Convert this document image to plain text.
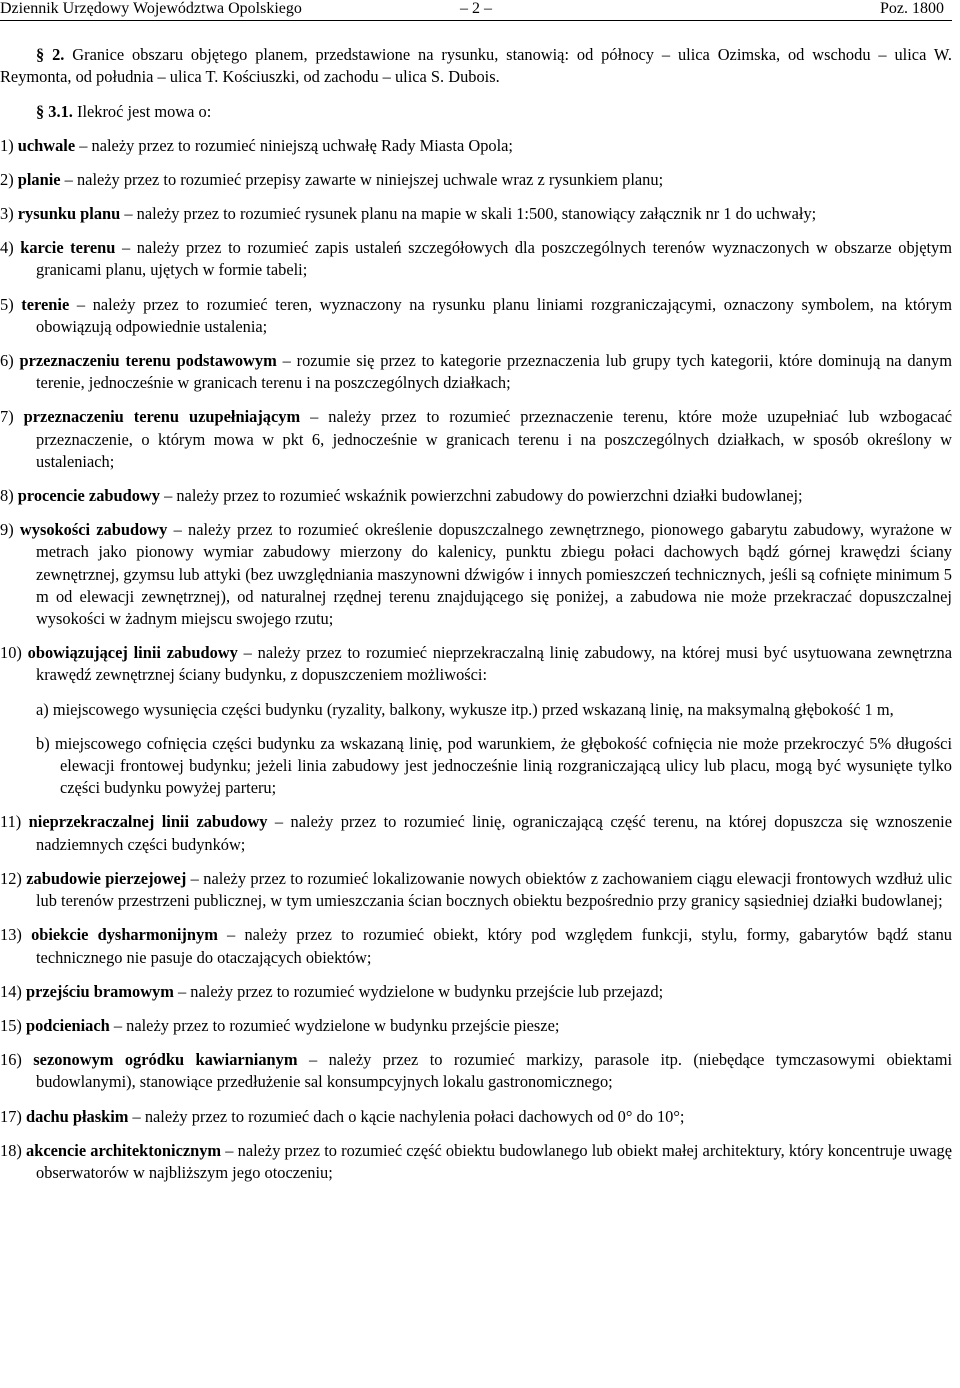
Dziennik Urzędowy Województwa Opolskiego	– 2 –	Poz. 1800

§ 2. Granice obszaru objętego planem, przedstawione na rysunku, stanowią: od północy – ulica Ozimska, od wschodu – ulica W. Reymonta, od południa – ulica T. Kościuszki, od zachodu – ulica S. Dubois.

§ 3.1. Ilekroć jest mowa o:

1) uchwale – należy przez to rozumieć niniejszą uchwałę Rady Miasta Opola;

2) planie – należy przez to rozumieć przepisy zawarte w niniejszej uchwale wraz z rysunkiem planu;

3) rysunku planu – należy przez to rozumieć rysunek planu na mapie w skali 1:500, stanowiący załącznik nr 1 do uchwały;

4) karcie terenu – należy przez to rozumieć zapis ustaleń szczegółowych dla poszczególnych terenów wyznaczonych w obszarze objętym granicami planu, ujętych w formie tabeli;

5) terenie – należy przez to rozumieć teren, wyznaczony na rysunku planu liniami rozgraniczającymi, oznaczony symbolem, na którym obowiązują odpowiednie ustalenia;

6) przeznaczeniu terenu podstawowym – rozumie się przez to kategorie przeznaczenia lub grupy tych kategorii, które dominują na danym terenie, jednocześnie w granicach terenu i na poszczególnych działkach;

7) przeznaczeniu terenu uzupełniającym – należy przez to rozumieć przeznaczenie terenu, które może uzupełniać lub wzbogacać przeznaczenie, o którym mowa w pkt 6, jednocześnie w granicach terenu i na poszczególnych działkach, w sposób określony w ustaleniach;

8) procencie zabudowy – należy przez to rozumieć wskaźnik powierzchni zabudowy do powierzchni działki budowlanej;

9) wysokości zabudowy – należy przez to rozumieć określenie dopuszczalnego zewnętrznego, pionowego gabarytu zabudowy, wyrażone w metrach jako pionowy wymiar zabudowy mierzony do kalenicy, punktu zbiegu połaci dachowych bądź górnej krawędzi ściany zewnętrznej, gzymsu lub attyki (bez uwzględniania maszynowni dźwigów i innych pomieszczeń technicznych, jeśli są cofnięte minimum 5 m od elewacji zewnętrznej), od naturalnej rzędnej terenu znajdującego się poniżej, a zabudowa nie może przekraczać dopuszczalnej wysokości w żadnym miejscu swojego rzutu;

10) obowiązującej linii zabudowy – należy przez to rozumieć nieprzekraczalną linię zabudowy, na której musi być usytuowana zewnętrzna krawędź zewnętrznej ściany budynku, z dopuszczeniem możliwości:

a) miejscowego wysunięcia części budynku (ryzality, balkony, wykusze itp.) przed wskazaną linię, na maksymalną głębokość 1 m,

b) miejscowego cofnięcia części budynku za wskazaną linię, pod warunkiem, że głębokość cofnięcia nie może przekroczyć 5% długości elewacji frontowej budynku; jeżeli linia zabudowy jest jednocześnie linią rozgraniczającą ulicy lub placu, mogą być wysunięte tylko części budynku powyżej parteru;

11) nieprzekraczalnej linii zabudowy – należy przez to rozumieć linię, ograniczającą część terenu, na której dopuszcza się wznoszenie nadziemnych części budynków;

12) zabudowie pierzejowej – należy przez to rozumieć lokalizowanie nowych obiektów z zachowaniem ciągu elewacji frontowych wzdłuż ulic lub terenów przestrzeni publicznej, w tym umieszczania ścian bocznych obiektu bezpośrednio przy granicy sąsiedniej działki budowlanej;

13) obiekcie dysharmonijnym – należy przez to rozumieć obiekt, który pod względem funkcji, stylu, formy, gabarytów bądź stanu technicznego nie pasuje do otaczających obiektów;

14) przejściu bramowym – należy przez to rozumieć wydzielone w budynku przejście lub przejazd;

15) podcieniach – należy przez to rozumieć wydzielone w budynku przejście piesze;

16) sezonowym ogródku kawiarnianym – należy przez to rozumieć markizy, parasole itp. (niebędące tymczasowymi obiektami budowlanymi), stanowiące przedłużenie sal konsumpcyjnych lokalu gastronomicznego;

17) dachu płaskim – należy przez to rozumieć dach o kącie nachylenia połaci dachowych od 0° do 10°;

18) akcencie architektonicznym – należy przez to rozumieć część obiektu budowlanego lub obiekt małej architektury, który koncentruje uwagę obserwatorów w najbliższym jego otoczeniu;
